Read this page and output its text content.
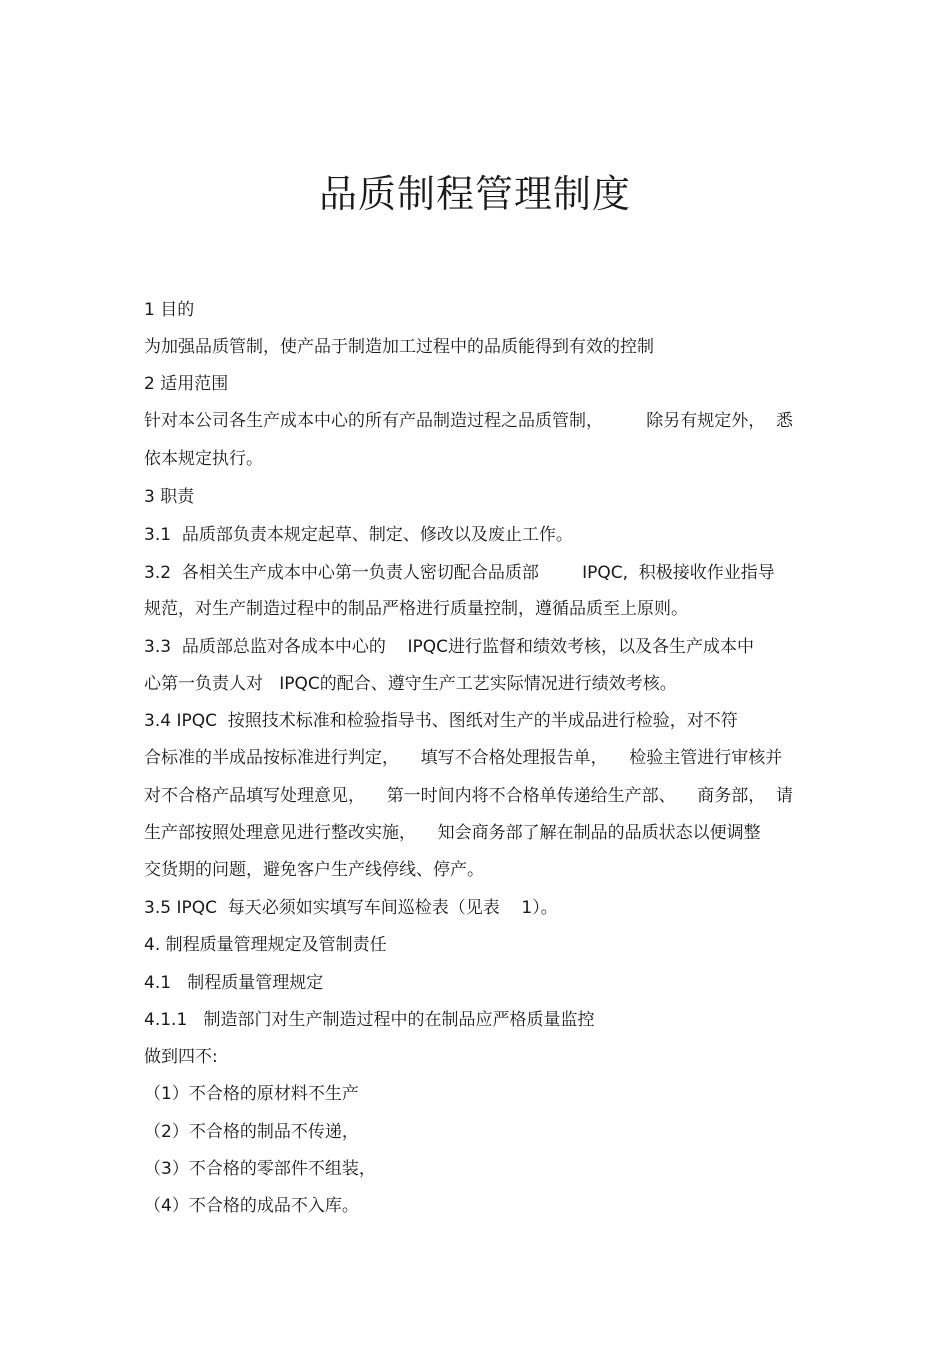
品质制程管理制度

1 目的

为加强品质管制，使产品于制造加工过程中的品质能得到有效的控制

2 适用范围

针对本公司各生产成本中心的所有产品制造过程之品质管制，        除另有规定外，  悉

依本规定执行。

3 职责

3.1  品质部负责本规定起草、制定、修改以及废止工作。

3.2  各相关生产成本中心第一负责人密切配合品质部        IPQC,  积极接收作业指导

规范，对生产制造过程中的制品严格进行质量控制，遵循品质至上原则。

3.3  品质部总监对各成本中心的    IPQC进行监督和绩效考核，以及各生产成本中

心第一负责人对   IPQC的配合、遵守生产工艺实际情况进行绩效考核。

3.4 IPQC  按照技术标准和检验指导书、图纸对生产的半成品进行检验，对不符

合标准的半成品按标准进行判定，    填写不合格处理报告单，    检验主管进行审核并

对不合格产品填写处理意见，    第一时间内将不合格单传递给生产部、    商务部，  请

生产部按照处理意见进行整改实施，    知会商务部了解在制品的品质状态以便调整

交货期的问题，避免客户生产线停线、停产。

3.5 IPQC  每天必须如实填写车间巡检表（见表    1）。

4. 制程质量管理规定及管制责任

4.1   制程质量管理规定

4.1.1   制造部门对生产制造过程中的在制品应严格质量监控

做到四不:

（1）不合格的原材料不生产

（2）不合格的制品不传递，

（3）不合格的零部件不组装，

（4）不合格的成品不入库。
